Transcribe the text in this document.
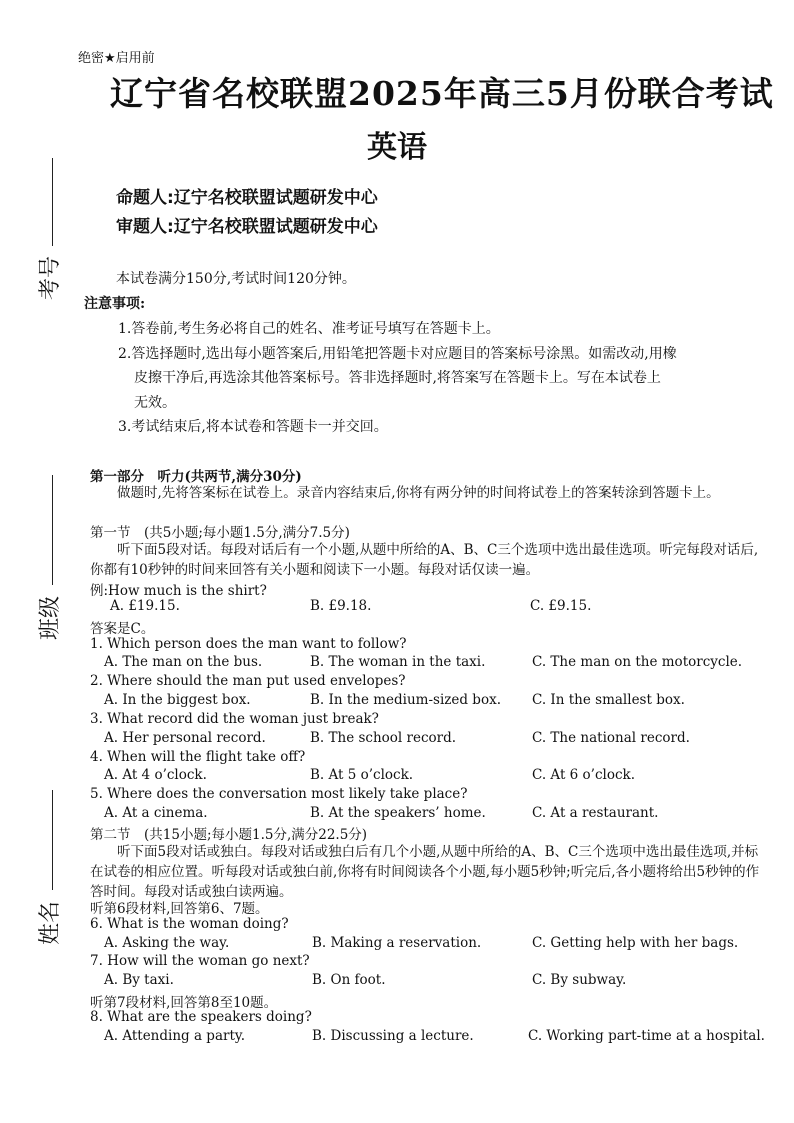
绝密★启用前
辽宁省名校联盟2025年高三5月份联合考试
英语
命题人:辽宁名校联盟试题研发中心
审题人:辽宁名校联盟试题研发中心
考号
班级
姓名
本试卷满分150分,考试时间120分钟。
注意事项:
1.答卷前,考生务必将自己的姓名、准考证号填写在答题卡上。
2.答选择题时,选出每小题答案后,用铅笔把答题卡对应题目的答案标号涂黑。如需改动,用橡
皮擦干净后,再选涂其他答案标号。答非选择题时,将答案写在答题卡上。写在本试卷上
无效。
3.考试结束后,将本试卷和答题卡一并交回。
第一部分　听力(共两节,满分30分)
　　做题时,先将答案标在试卷上。录音内容结束后,你将有两分钟的时间将试卷上的答案转涂到答题卡上。
第一节　(共5小题;每小题1.5分,满分7.5分)
　　听下面5段对话。每段对话后有一个小题,从题中所给的A、B、C三个选项中选出最佳选项。听完每段对话后,你都有10秒钟的时间来回答有关小题和阅读下一小题。每段对话仅读一遍。
例:How much is the shirt?
A. £19.15.	B. £9.18.	C. £9.15.
答案是C。
1. Which person does the man want to follow?
A. The man on the bus.	B. The woman in the taxi.	C. The man on the motorcycle.
2. Where should the man put used envelopes?
A. In the biggest box.	B. In the medium-sized box. C. In the smallest box.
3. What record did the woman just break?
A. Her personal record.	B. The school record.	C. The national record.
4. When will the flight take off?
A. At 4 o’clock.	B. At 5 o’clock.	C. At 6 o’clock.
5. Where does the conversation most likely take place?
A. At a cinema.	B. At the speakers’ home.	C. At a restaurant.
第二节　(共15小题;每小题1.5分,满分22.5分)
　　听下面5段对话或独白。每段对话或独白后有几个小题,从题中所给的A、B、C三个选项中选出最佳选项,并标在试卷的相应位置。听每段对话或独白前,你将有时间阅读各个小题,每小题5秒钟;听完后,各小题将给出5秒钟的作答时间。每段对话或独白读两遍。
听第6段材料,回答第6、7题。
6. What is the woman doing?
A. Asking the way.	B. Making a reservation.	C. Getting help with her bags.
7. How will the woman go next?
A. By taxi.	B. On foot.	C. By subway.
听第7段材料,回答第8至10题。
8. What are the speakers doing?
A. Attending a party.	B. Discussing a lecture.	C. Working part-time at a hospital.
